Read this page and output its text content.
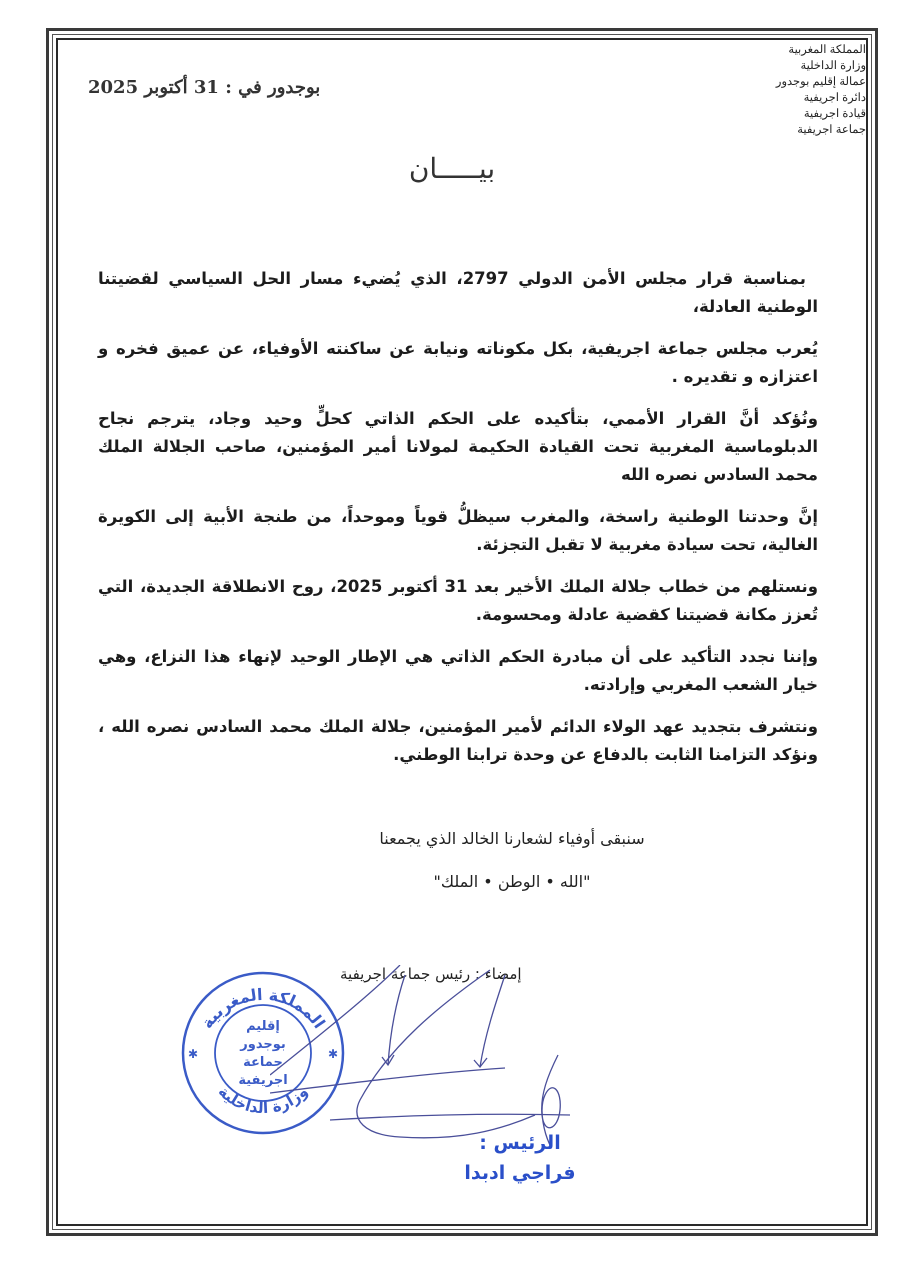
المملكة المغربية
وزارة الداخلية
عمالة إقليم بوجدور
دائرة اجريفية
قيادة اجريفية
جماعة اجريفية
بوجدور في : 31 أكتوبر 2025
بيـــــان

بمناسبة قرار مجلس الأمن الدولي 2797، الذي يُضيء مسار الحل السياسي لقضيتنا الوطنية العادلة،

يُعرب مجلس جماعة اجريفية، بكل مكوناته ونيابة عن ساكنته الأوفياء، عن عميق فخره و اعتزازه و تقديره .

ونُؤكد أنَّ القرار الأممي، بتأكيده على الحكم الذاتي كحلٍّ وحيد وجاد، يترجم نجاح الدبلوماسية المغربية تحت القيادة الحكيمة لمولانا أمير المؤمنين، صاحب الجلالة الملك محمد السادس نصره الله

إنَّ وحدتنا الوطنية راسخة، والمغرب سيظلُّ قوياً وموحداً، من طنجة الأبية إلى الكويرة الغالية، تحت سيادة مغربية لا تقبل التجزئة.

ونستلهم من خطاب جلالة الملك الأخير بعد 31 أكتوبر 2025، روح الانطلاقة الجديدة، التي تُعزز مكانة قضيتنا كقضية عادلة ومحسومة.

وإننا نجدد التأكيد على أن مبادرة الحكم الذاتي هي الإطار الوحيد لإنهاء هذا النزاع، وهي خيار الشعب المغربي وإرادته.

ونتشرف بتجديد عهد الولاء الدائم لأمير المؤمنين، جلالة الملك محمد السادس نصره الله ، ونؤكد التزامنا الثابت بالدفاع عن وحدة ترابنا الوطني.

سنبقى أوفياء لشعارنا الخالد الذي يجمعنا
"الله • الوطن • الملك"
إمضاء : رئيس جماعة اجريفية
المملكة المغربية
وزارة الداخلية
✱	✱
إقليم
بوجدور
جماعة
اجريفية
الرئيس :
فراجي ادبدا
